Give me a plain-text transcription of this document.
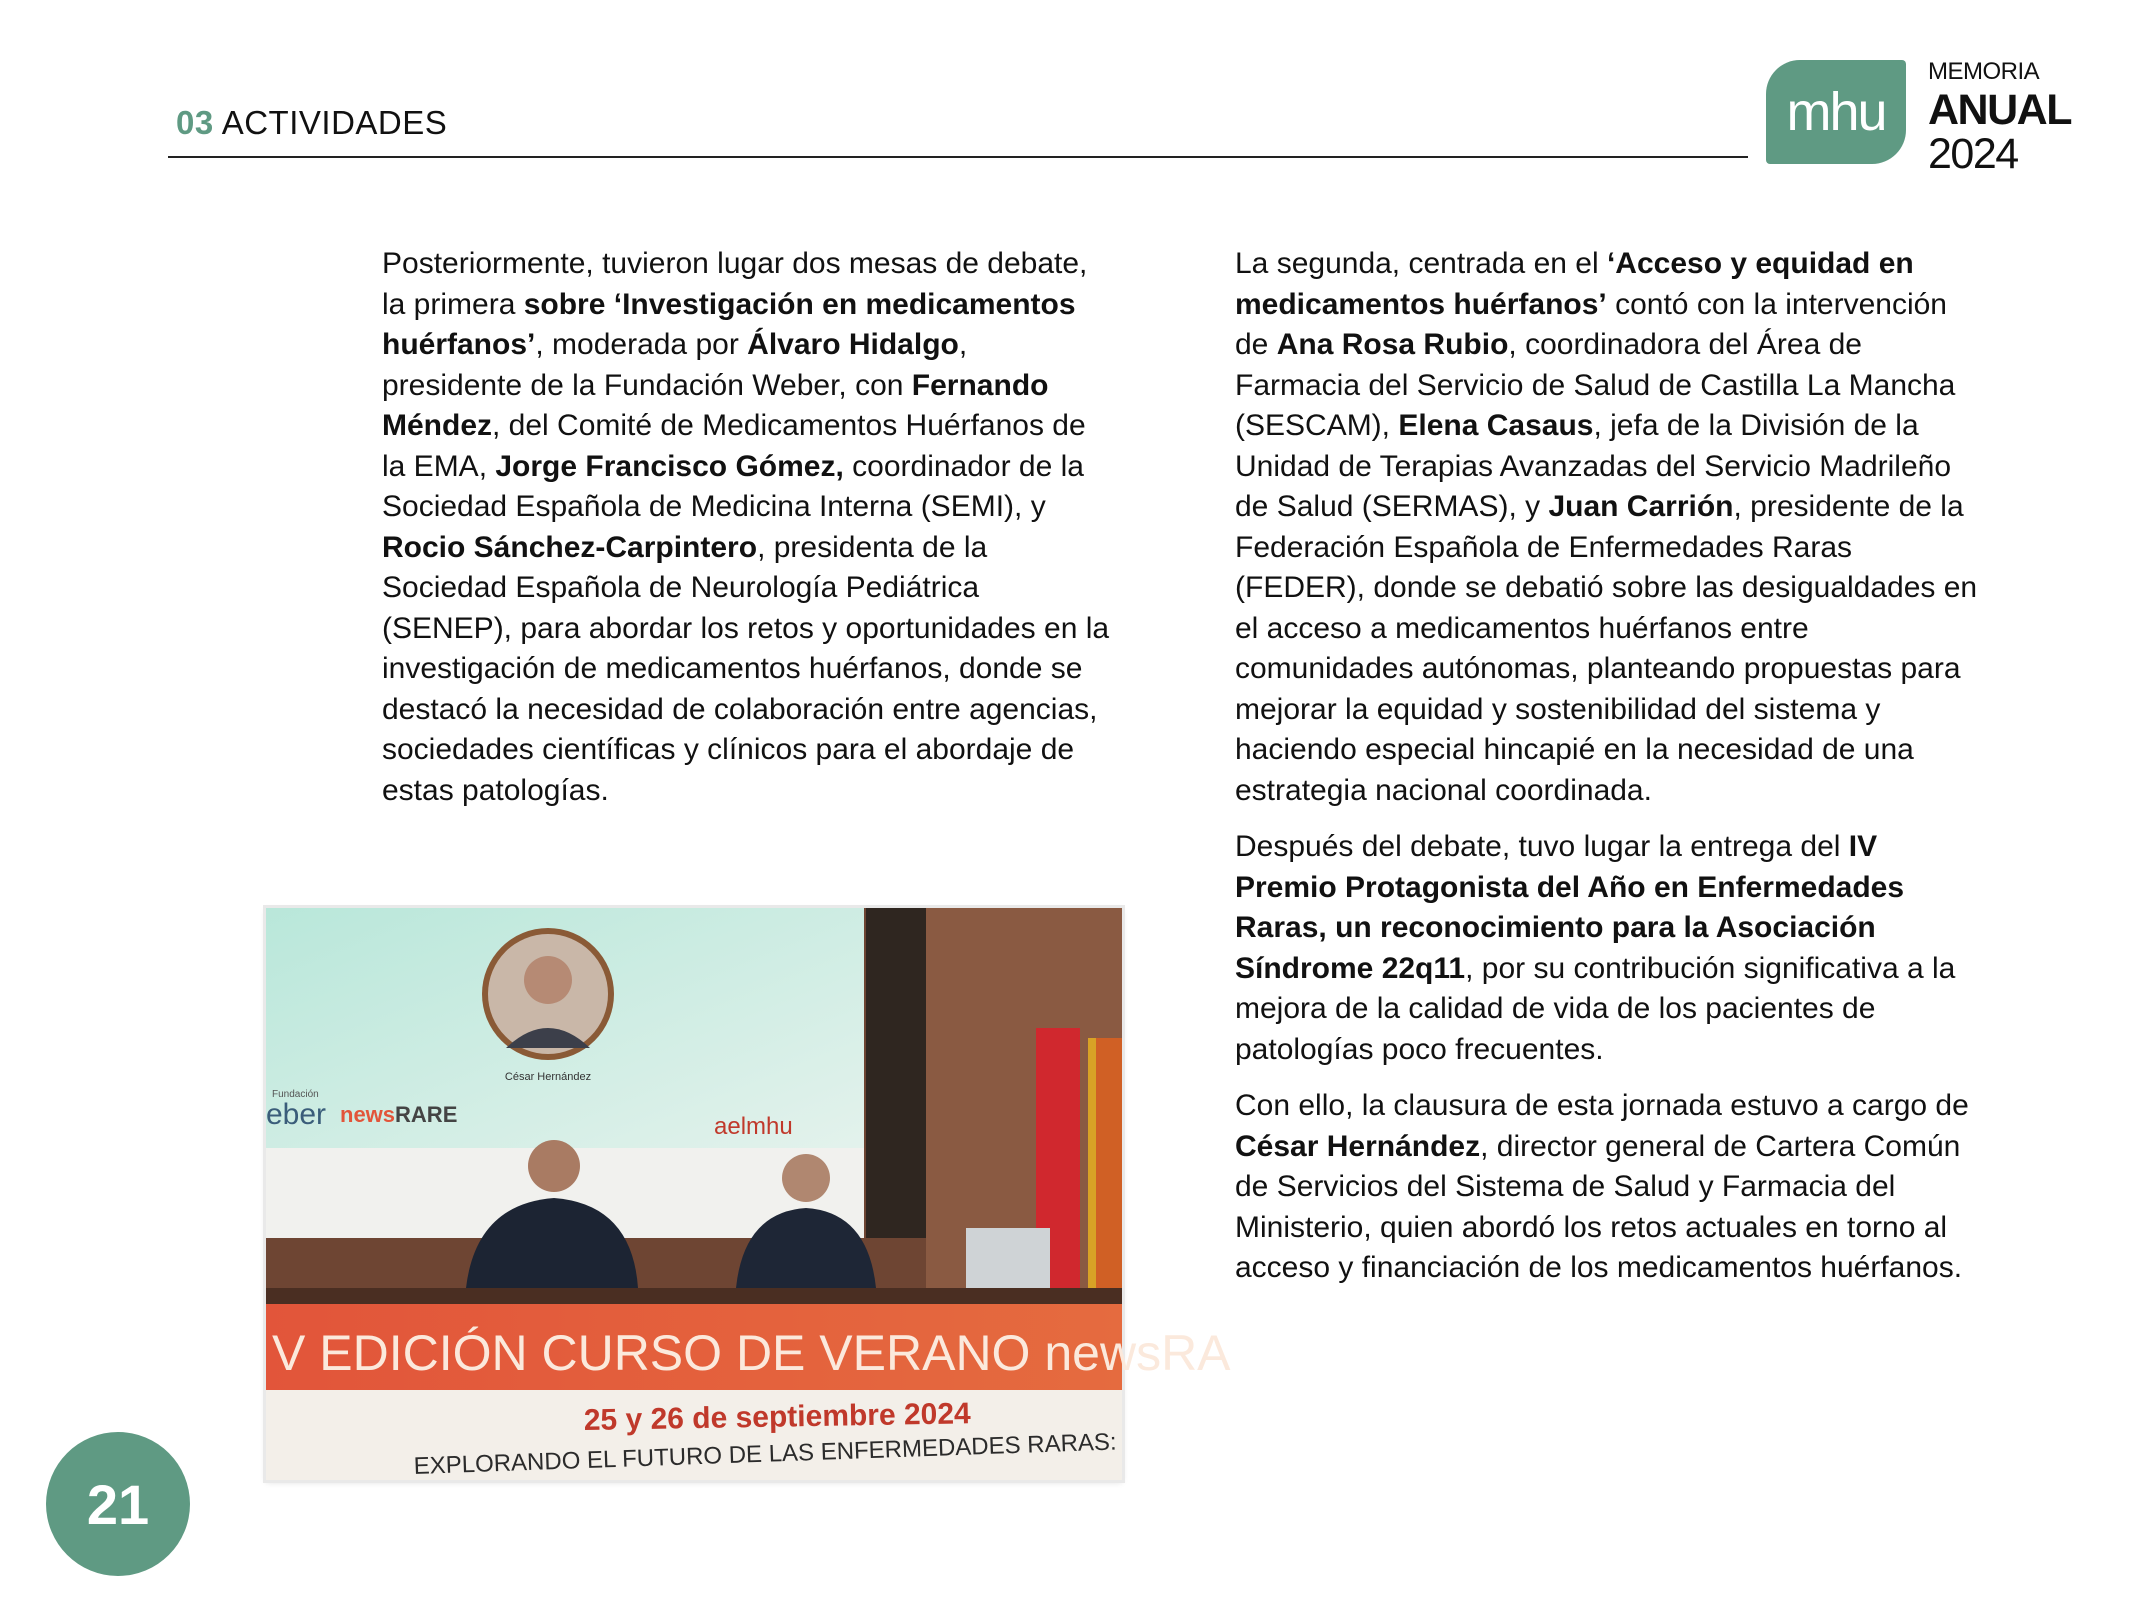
03 ACTIVIDADES	mhu
MEMORIA
ANUAL
2024

Posteriormente, tuvieron lugar dos mesas de debate, la primera sobre ‘Investigación en medicamentos huérfanos’, moderada por Álvaro Hidalgo, presidente de la Fundación Weber, con Fernando Méndez, del Comité de Medicamentos Huérfanos de la EMA, Jorge Francisco Gómez, coordinador de la Sociedad Española de Medicina Interna (SEMI), y Rocio Sánchez-Carpintero, presidenta de la Sociedad Española de Neurología Pediátrica (SENEP), para abordar los retos y oportunidades en la investigación de medicamentos huérfanos, donde se destacó la necesidad de colaboración entre agencias, sociedades científicas y clínicos para el abordaje de estas patologías.

La segunda, centrada en el ‘Acceso y equidad en medicamentos huérfanos’ contó con la intervención de Ana Rosa Rubio, coordinadora del Área de Farmacia del Servicio de Salud de Castilla La Mancha (SESCAM), Elena Casaus, jefa de la División de la Unidad de Terapias Avanzadas del Servicio Madrileño de Salud (SERMAS), y Juan Carrión, presidente de la Federación Española de Enfermedades Raras (FEDER), donde se debatió sobre las desigualdades en el acceso a medicamentos huérfanos entre comunidades autónomas, planteando propuestas para mejorar la equidad y sostenibilidad del sistema y haciendo especial hincapié en la necesidad de una estrategia nacional coordinada.

Después del debate, tuvo lugar la entrega del IV Premio Protagonista del Año en Enfermedades Raras, un reconocimiento para la Asociación Síndrome 22q11, por su contribución significativa a la mejora de la calidad de vida de los pacientes de patologías poco frecuentes.

Con ello, la clausura de esta jornada estuvo a cargo de César Hernández, director general de Cartera Común de Servicios del Sistema de Salud y Farmacia del Ministerio, quien abordó los retos actuales en torno al acceso y financiación de los medicamentos huérfanos.

César Hernández
Fundación
eber newsRARE	aelmhu
V EDICIÓN CURSO DE VERANO newsRA
25 y 26 de septiembre 2024
EXPLORANDO EL FUTURO DE LAS ENFERMEDADES RARAS:
21
